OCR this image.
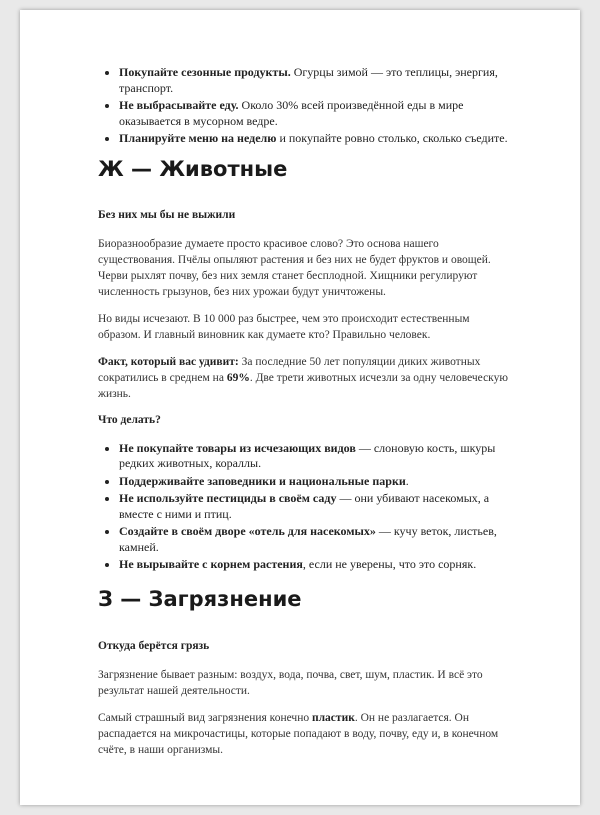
• Покупайте сезонные продукты. Огурцы зимой — это теплицы, энергия, транспорт.
• Не выбрасывайте еду. Около 30% всей произведённой еды в мире оказывается в мусорном ведре.
• Планируйте меню на неделю и покупайте ровно столько, сколько съедите.
Ж — Животные
Без них мы бы не выжили

Биоразнообразие думаете просто красивое слово? Это основа нашего существования. Пчёлы опыляют растения и без них не будет фруктов и овощей. Черви рыхлят почву, без них земля станет бесплодной. Хищники регулируют численность грызунов, без них урожаи будут уничтожены.

Но виды исчезают. В 10 000 раз быстрее, чем это происходит естественным образом. И главный виновник как думаете кто? Правильно человек.

Факт, который вас удивит: За последние 50 лет популяции диких животных сократились в среднем на 69%. Две трети животных исчезли за одну человеческую жизнь.

Что делать?
• Не покупайте товары из исчезающих видов — слоновую кость, шкуры редких животных, кораллы.
• Поддерживайте заповедники и национальные парки.
• Не используйте пестициды в своём саду — они убивают насекомых, а вместе с ними и птиц.
• Создайте в своём дворе «отель для насекомых» — кучу веток, листьев, камней.
• Не вырывайте с корнем растения, если не уверены, что это сорняк.
З — Загрязнение
Откуда берётся грязь

Загрязнение бывает разным: воздух, вода, почва, свет, шум, пластик. И всё это результат нашей деятельности.

Самый страшный вид загрязнения конечно пластик. Он не разлагается. Он распадается на микрочастицы, которые попадают в воду, почву, еду и, в конечном счёте, в наши организмы.
